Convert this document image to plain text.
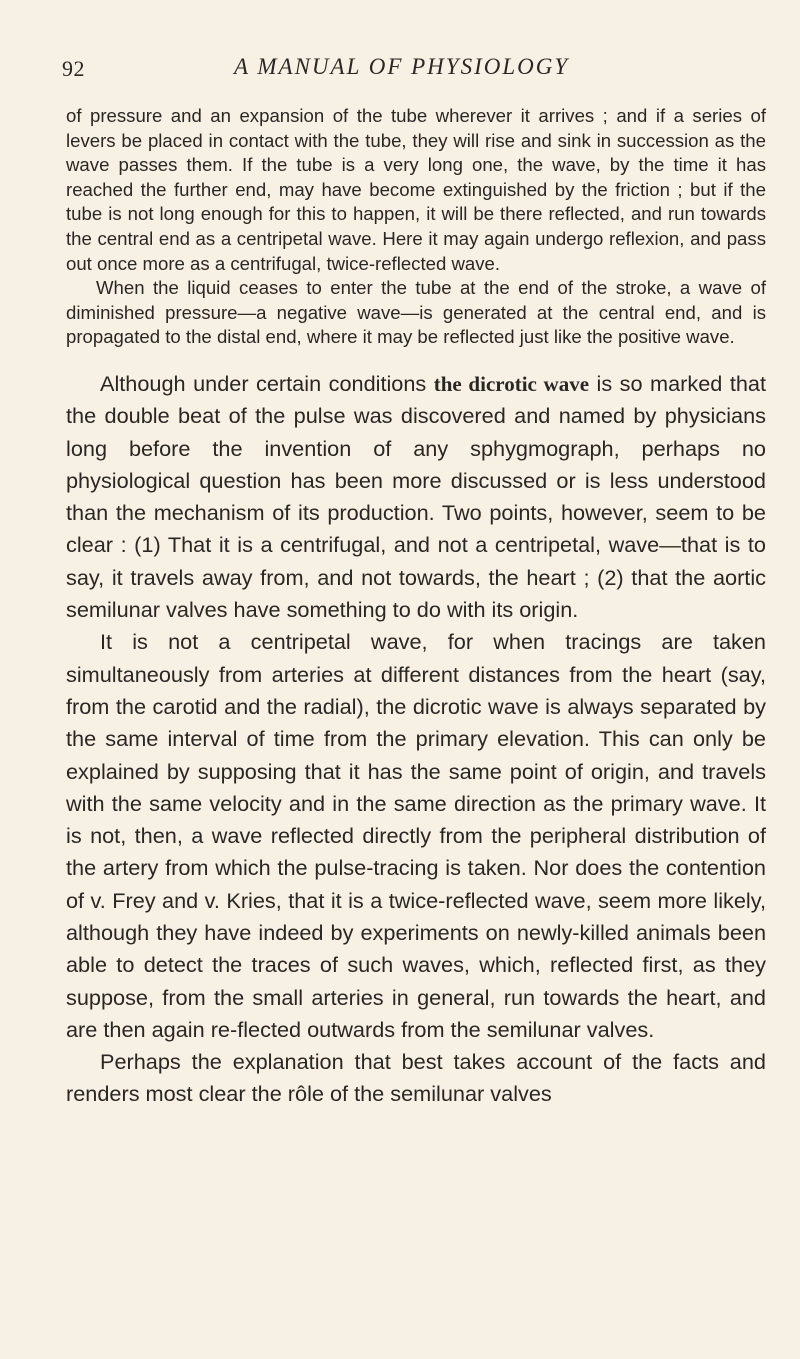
92	A MANUAL OF PHYSIOLOGY

of pressure and an expansion of the tube wherever it arrives ; and if a series of levers be placed in contact with the tube, they will rise and sink in succession as the wave passes them. If the tube is a very long one, the wave, by the time it has reached the further end, may have become extinguished by the friction ; but if the tube is not long enough for this to happen, it will be there reflected, and run towards the central end as a centripetal wave. Here it may again undergo reflexion, and pass out once more as a centrifugal, twice-reflected wave.

When the liquid ceases to enter the tube at the end of the stroke, a wave of diminished pressure—a negative wave—is generated at the central end, and is propagated to the distal end, where it may be reflected just like the positive wave.

Although under certain conditions the dicrotic wave is so marked that the double beat of the pulse was discovered and named by physicians long before the invention of any sphygmograph, perhaps no physiological question has been more discussed or is less understood than the mechanism of its production. Two points, however, seem to be clear : (1) That it is a centrifugal, and not a centripetal, wave—that is to say, it travels away from, and not towards, the heart ; (2) that the aortic semilunar valves have something to do with its origin.

It is not a centripetal wave, for when tracings are taken simultaneously from arteries at different distances from the heart (say, from the carotid and the radial), the dicrotic wave is always separated by the same interval of time from the primary elevation. This can only be explained by supposing that it has the same point of origin, and travels with the same velocity and in the same direction as the primary wave. It is not, then, a wave reflected directly from the peripheral distribution of the artery from which the pulse-tracing is taken. Nor does the contention of v. Frey and v. Kries, that it is a twice-reflected wave, seem more likely, although they have indeed by experiments on newly-killed animals been able to detect the traces of such waves, which, reflected first, as they suppose, from the small arteries in general, run towards the heart, and are then again re-flected outwards from the semilunar valves.

Perhaps the explanation that best takes account of the facts and renders most clear the rôle of the semilunar valves
